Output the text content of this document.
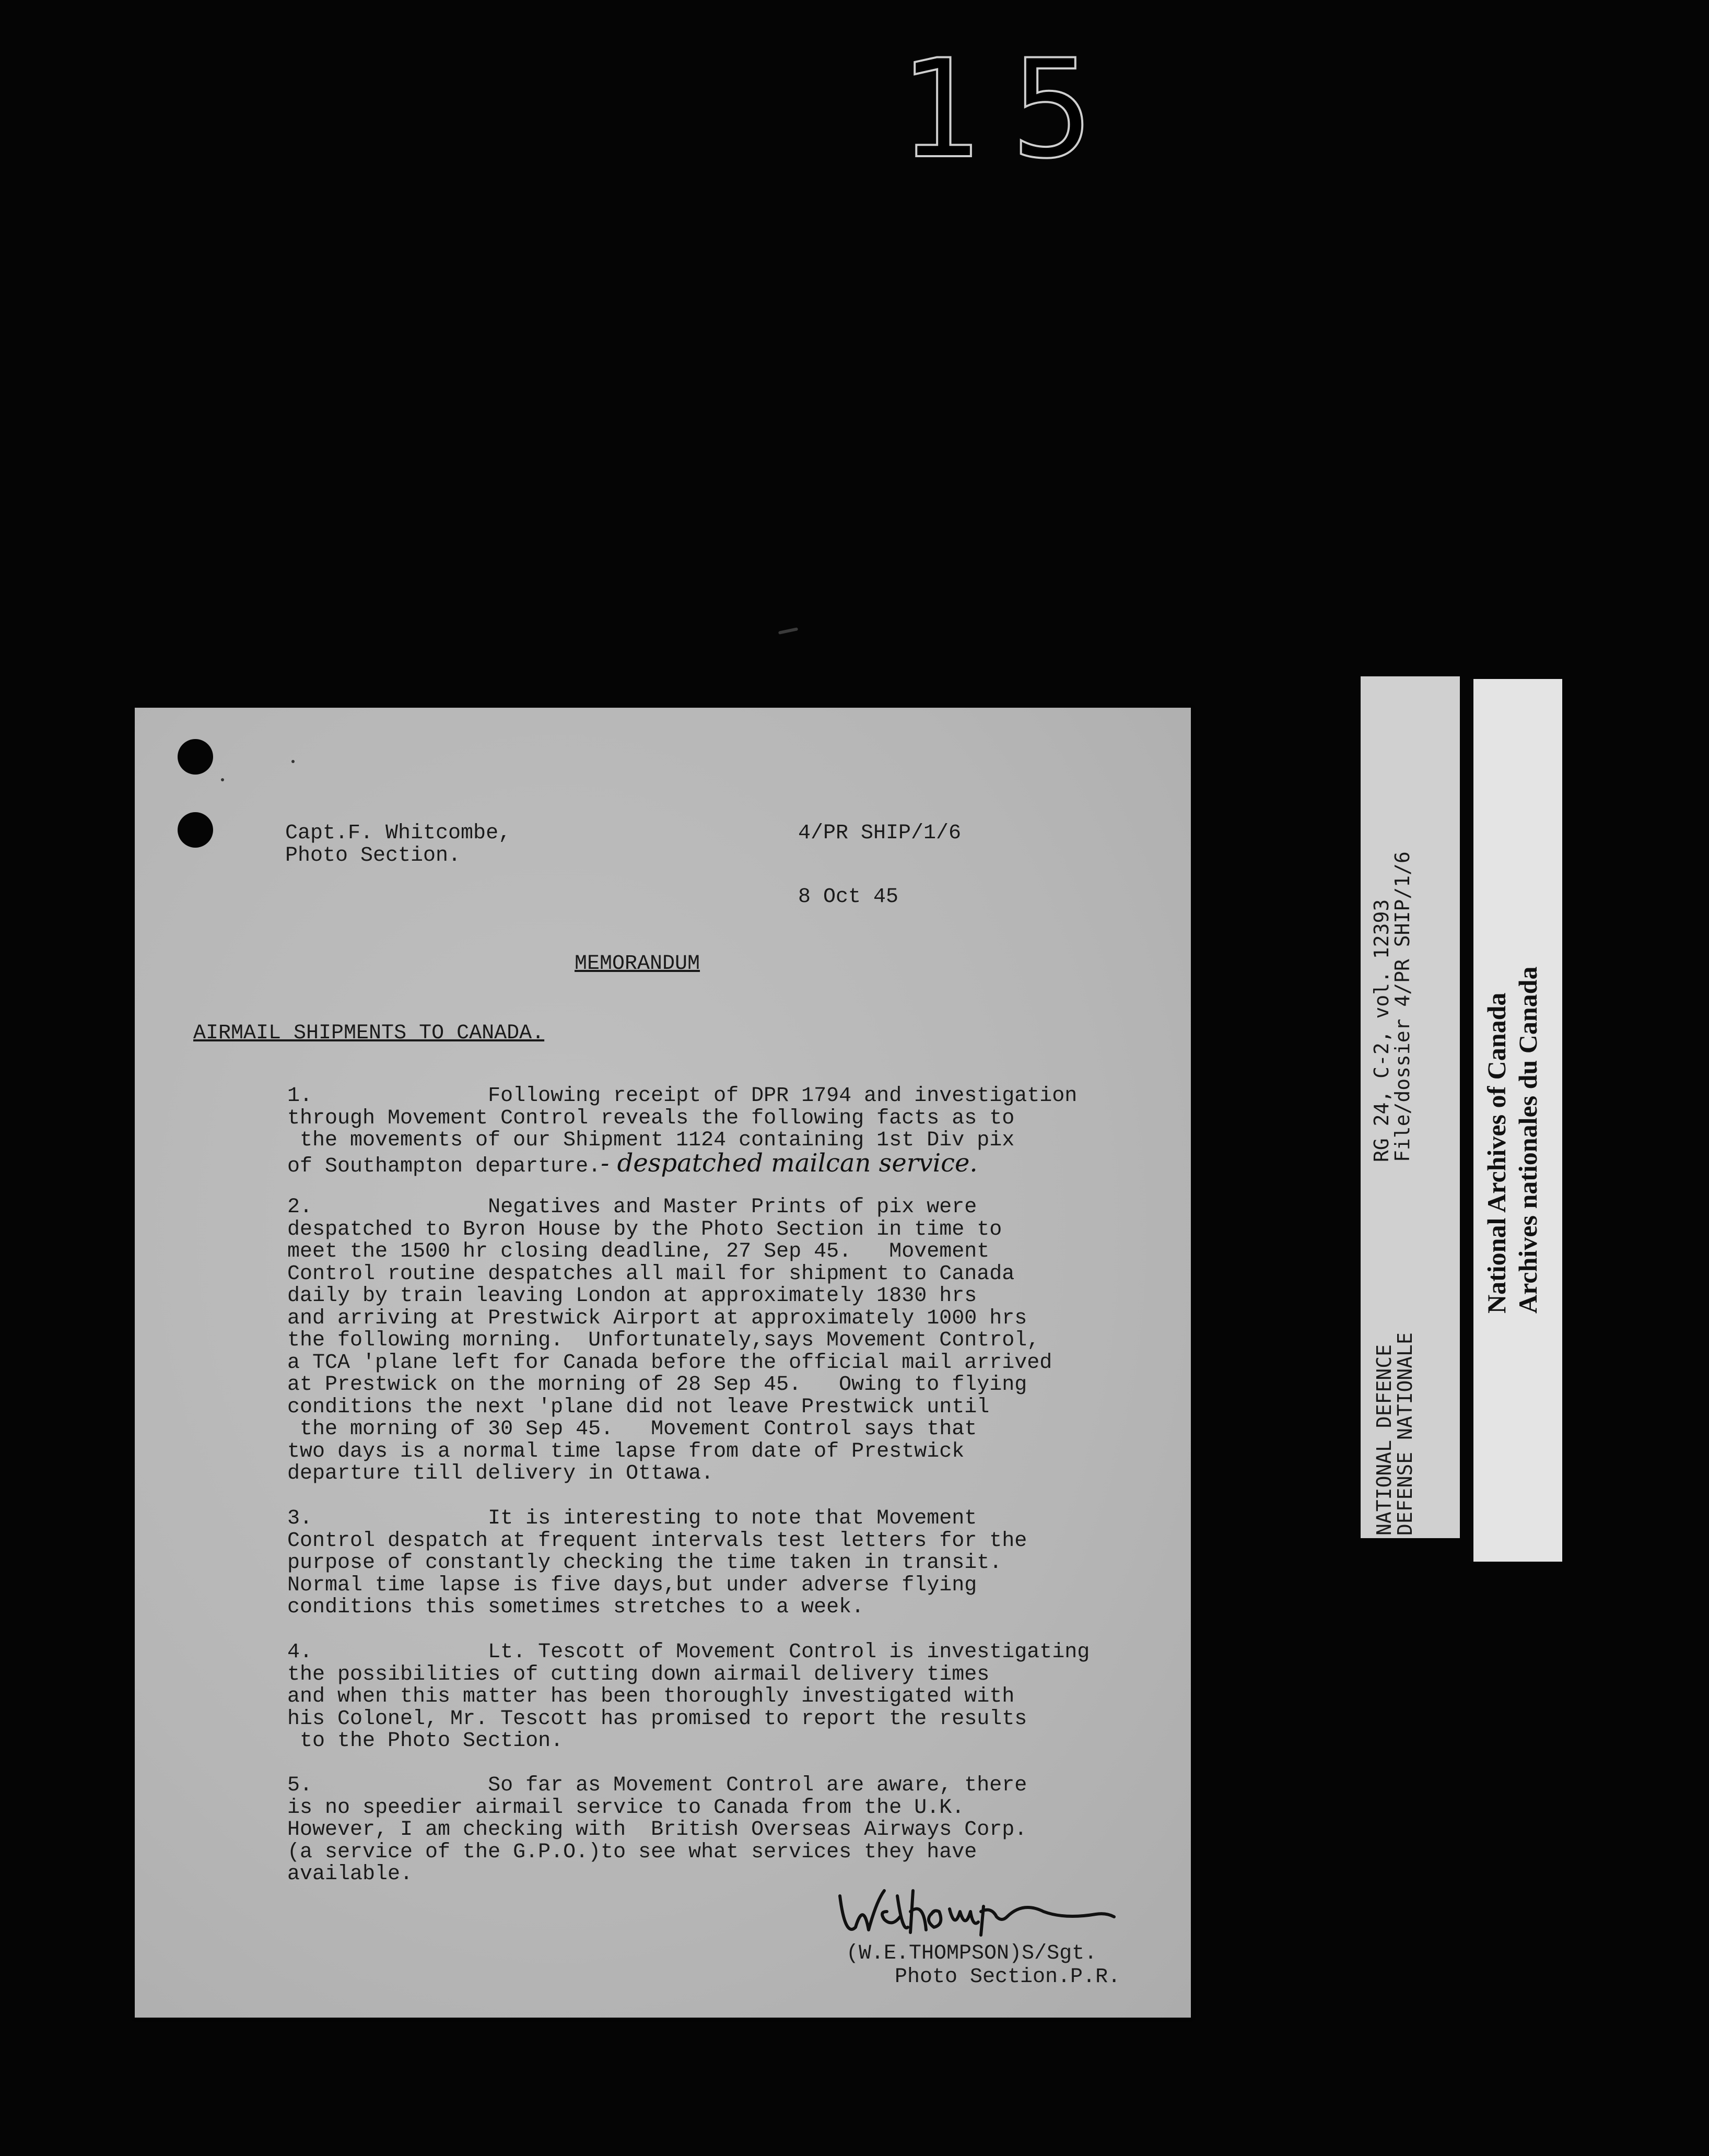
15
Capt.F. Whitcombe,
Photo Section.
4/PR SHIP/1/6
8 Oct 45
MEMORANDUM
AIRMAIL SHIPMENTS TO CANADA.
1.              Following receipt of DPR 1794 and investigation
through Movement Control reveals the following facts as to
the movements of our Shipment 1124 containing 1st Div pix
of Southampton departure.- despatched mailcan service.
2.              Negatives and Master Prints of pix were
despatched to Byron House by the Photo Section in time to
meet the 1500 hr closing deadline, 27 Sep 45.   Movement
Control routine despatches all mail for shipment to Canada
daily by train leaving London at approximately 1830 hrs
and arriving at Prestwick Airport at approximately 1000 hrs
the following morning.  Unfortunately,says Movement Control,
a TCA 'plane left for Canada before the official mail arrived
at Prestwick on the morning of 28 Sep 45.   Owing to flying
conditions the next 'plane did not leave Prestwick until
the morning of 30 Sep 45.   Movement Control says that
two days is a normal time lapse from date of Prestwick
departure till delivery in Ottawa.
3.              It is interesting to note that Movement
Control despatch at frequent intervals test letters for the
purpose of constantly checking the time taken in transit.
Normal time lapse is five days,but under adverse flying
conditions this sometimes stretches to a week.
4.              Lt. Tescott of Movement Control is investigating
the possibilities of cutting down airmail delivery times
and when this matter has been thoroughly investigated with
his Colonel, Mr. Tescott has promised to report the results
to the Photo Section.
5.              So far as Movement Control are aware, there
is no speedier airmail service to Canada from the U.K.
However, I am checking with  British Overseas Airways Corp.
(a service of the G.P.O.)to see what services they have
available.
(W.E.THOMPSON)S/Sgt.
Photo Section.P.R.
RG 24, C-2, vol. 12393
File/dossier 4/PR SHIP/1/6
NATIONAL DEFENCE
DEFENSE NATIONALE
National Archives of Canada
Archives nationales du Canada
